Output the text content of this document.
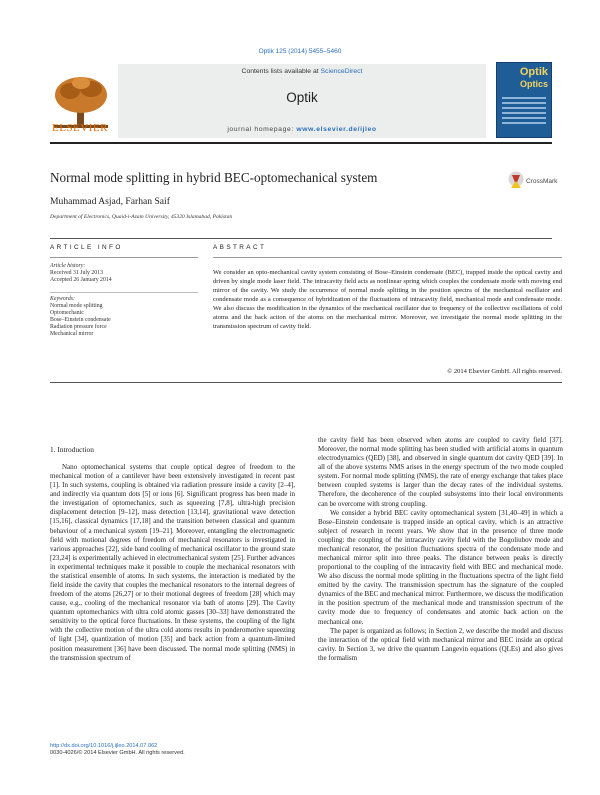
Optik 125 (2014) 5455–5460
ELSEVIER
Contents lists available at ScienceDirect
Optik
journal homepage: www.elsevier.de/ijleo
Optik
Optics
Normal mode splitting in hybrid BEC-optomechanical system	CrossMark
Muhammad Asjad, Farhan Saif
Department of Electronics, Quaid-i-Azam University, 45320 Islamabad, Pakistan
ARTICLE INFO	ABSTRACT
Article history:
Received 31 July 2013
Accepted 26 January 2014
Keywords:
Normal mode splitting
Optomechanic
Bose–Einstein condensate
Radiation pressure force
Mechanical mirror
We consider an opto-mechanical cavity system consisting of Bose–Einstein condensate (BEC), trapped inside the optical cavity and driven by single mode laser field. The intracavity field acts as nonlinear spring which couples the condensate mode with moving end mirror of the cavity. We study the occurrence of normal mode splitting in the position spectra of the mechanical oscillator and condensate mode as a consequence of hybridization of the fluctuations of intracavity field, mechanical mode and condensate mode. We also discuss the modification in the dynamics of the mechanical oscillator due to frequency of the collective oscillations of cold atoms and the back action of the atoms on the mechanical mirror. Moreover, we investigate the normal mode splitting in the transmission spectrum of cavity field.
© 2014 Elsevier GmbH. All rights reserved.
1. Introduction

Nano optomechanical systems that couple optical degree of freedom to the mechanical motion of a cantilever have been extensively investigated in recent past [1]. In such systems, coupling is obtained via radiation pressure inside a cavity [2–4], and indirectly via quantum dots [5] or ions [6]. Significant progress has been made in the investigation of optomechanics, such as squeezing [7,8], ultra-high precision displacement detection [9–12], mass detection [13,14], gravitational wave detection [15,16], classical dynamics [17,18] and the transition between classical and quantum behaviour of a mechanical system [19–21]. Moreover, entangling the electromagnetic field with motional degrees of freedom of mechanical resonators is investigated in various approaches [22], side band cooling of mechanical oscillator to the ground state [23,24] is experimentally achieved in electromechanical system [25]. Further advances in experimental techniques make it possible to couple the mechanical resonators with the statistical ensemble of atoms. In such systems, the interaction is mediated by the field inside the cavity that couples the mechanical resonators to the internal degrees of freedom of the atoms [26,27] or to their motional degrees of freedom [28] which may cause, e.g., cooling of the mechanical resonator via bath of atoms [29]. The Cavity quantum optomechanics with ultra cold atomic gasses [30–33] have demonstrated the sensitivity to the optical force fluctuations. In these systems, the coupling of the light with the collective motion of the ultra cold atoms results in ponderomotive squeezing of light [34], quantization of motion [35] and back action from a quantum-limited position measurement [36] have been discussed. The normal mode splitting (NMS) in the transmission spectrum of

the cavity field has been observed when atoms are coupled to cavity field [37]. Moreover, the normal mode splitting has been studied with artificial atoms in quantum electrodynamics (QED) [38], and observed in single quantum dot cavity QED [39]. In all of the above systems NMS arises in the energy spectrum of the two mode coupled system. For normal mode splitting (NMS), the rate of energy exchange that takes place between coupled systems is larger than the decay rates of the individual systems. Therefore, the decoherence of the coupled subsystems into their local environments can be overcome with strong coupling.

We consider a hybrid BEC cavity optomechanical system [31,40–49] in which a Bose–Einstein condensate is trapped inside an optical cavity, which is an attractive subject of research in recent years. We show that in the presence of three mode coupling: the coupling of the intracavity cavity field with the Bogoliubov mode and mechanical resonator, the position fluctuations spectra of the condensate mode and mechanical mirror split into three peaks. The distance between peaks is directly proportional to the coupling of the intracavity field with BEC and mechanical mode. We also discuss the normal mode splitting in the fluctuations spectra of the light field emitted by the cavity. The transmission spectrum has the signature of the coupled dynamics of the BEC and mechanical mirror. Furthermore, we discuss the modification in the position spectrum of the mechanical mode and transmission spectrum of the cavity mode due to frequency of condensates and atomic back action on the mechanical one.

The paper is organized as follows; in Section 2, we describe the model and discuss the interaction of the optical field with mechanical mirror and BEC inside an optical cavity. In Section 3, we drive the quantum Langevin equations (QLEs) and also gives the formalism

http://dx.doi.org/10.1016/j.ijleo.2014.07.062
0030-4026/© 2014 Elsevier GmbH. All rights reserved.
